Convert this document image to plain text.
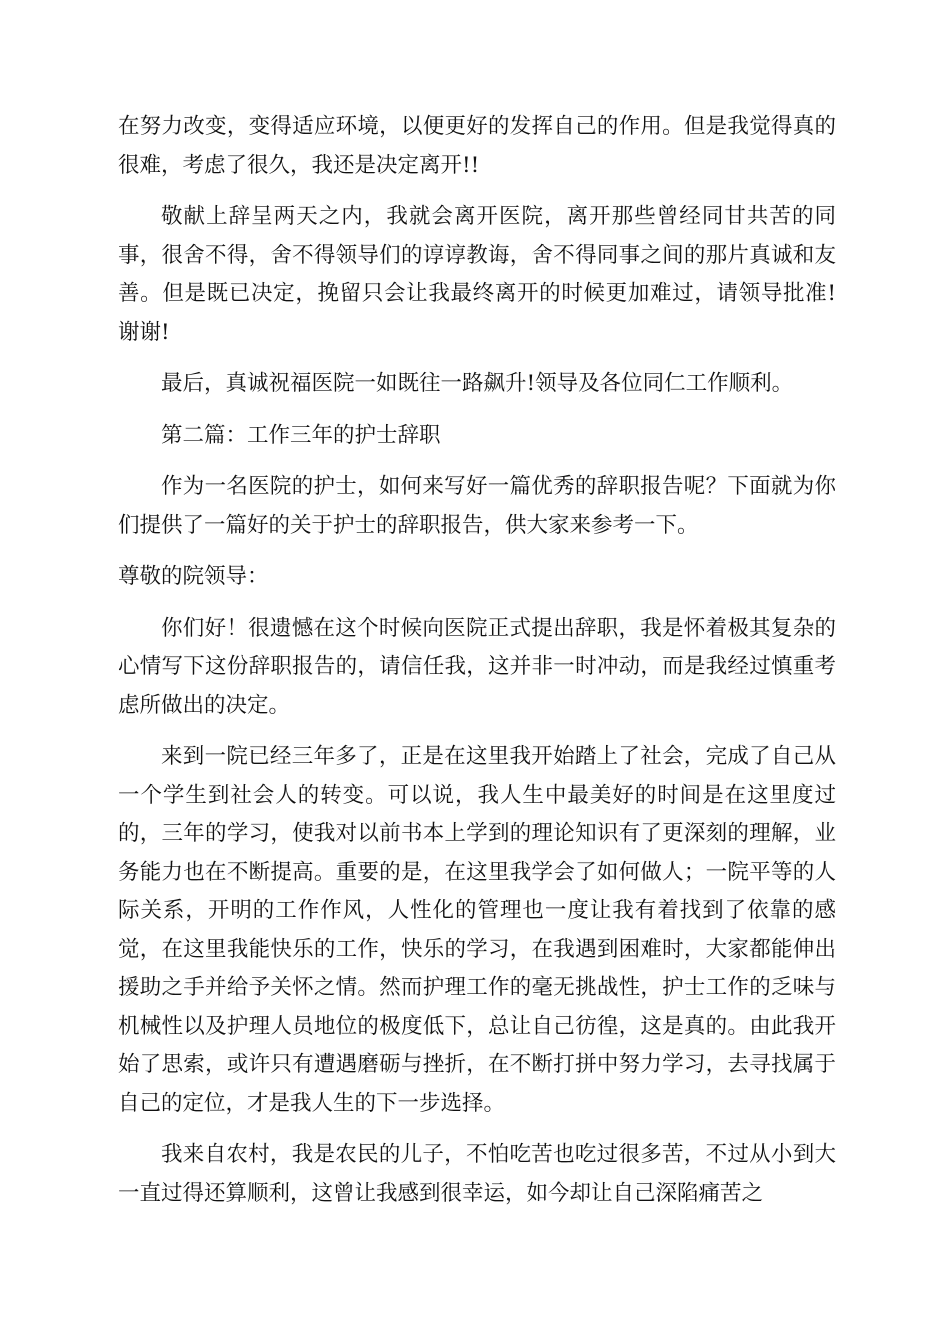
在努力改变，变得适应环境，以便更好的发挥自己的作用。但是我觉得真的很难，考虑了很久，我还是决定离开!!

敬献上辞呈两天之内，我就会离开医院，离开那些曾经同甘共苦的同事，很舍不得，舍不得领导们的谆谆教诲，舍不得同事之间的那片真诚和友善。但是既已决定，挽留只会让我最终离开的时候更加难过，请领导批准!谢谢!

最后，真诚祝福医院一如既往一路飙升!领导及各位同仁工作顺利。

第二篇：工作三年的护士辞职

作为一名医院的护士，如何来写好一篇优秀的辞职报告呢？下面就为你们提供了一篇好的关于护士的辞职报告，供大家来参考一下。

尊敬的院领导：

你们好！很遗憾在这个时候向医院正式提出辞职，我是怀着极其复杂的心情写下这份辞职报告的，请信任我，这并非一时冲动，而是我经过慎重考虑所做出的决定。

来到一院已经三年多了，正是在这里我开始踏上了社会，完成了自己从一个学生到社会人的转变。可以说，我人生中最美好的时间是在这里度过的，三年的学习，使我对以前书本上学到的理论知识有了更深刻的理解，业务能力也在不断提高。重要的是，在这里我学会了如何做人；一院平等的人际关系，开明的工作作风，人性化的管理也一度让我有着找到了依靠的感觉，在这里我能快乐的工作，快乐的学习，在我遇到困难时，大家都能伸出援助之手并给予关怀之情。然而护理工作的毫无挑战性，护士工作的乏味与机械性以及护理人员地位的极度低下，总让自己彷徨，这是真的。由此我开始了思索，或许只有遭遇磨砺与挫折，在不断打拼中努力学习，去寻找属于自己的定位，才是我人生的下一步选择。

我来自农村，我是农民的儿子，不怕吃苦也吃过很多苦，不过从小到大一直过得还算顺利，这曾让我感到很幸运，如今却让自己深陷痛苦之
